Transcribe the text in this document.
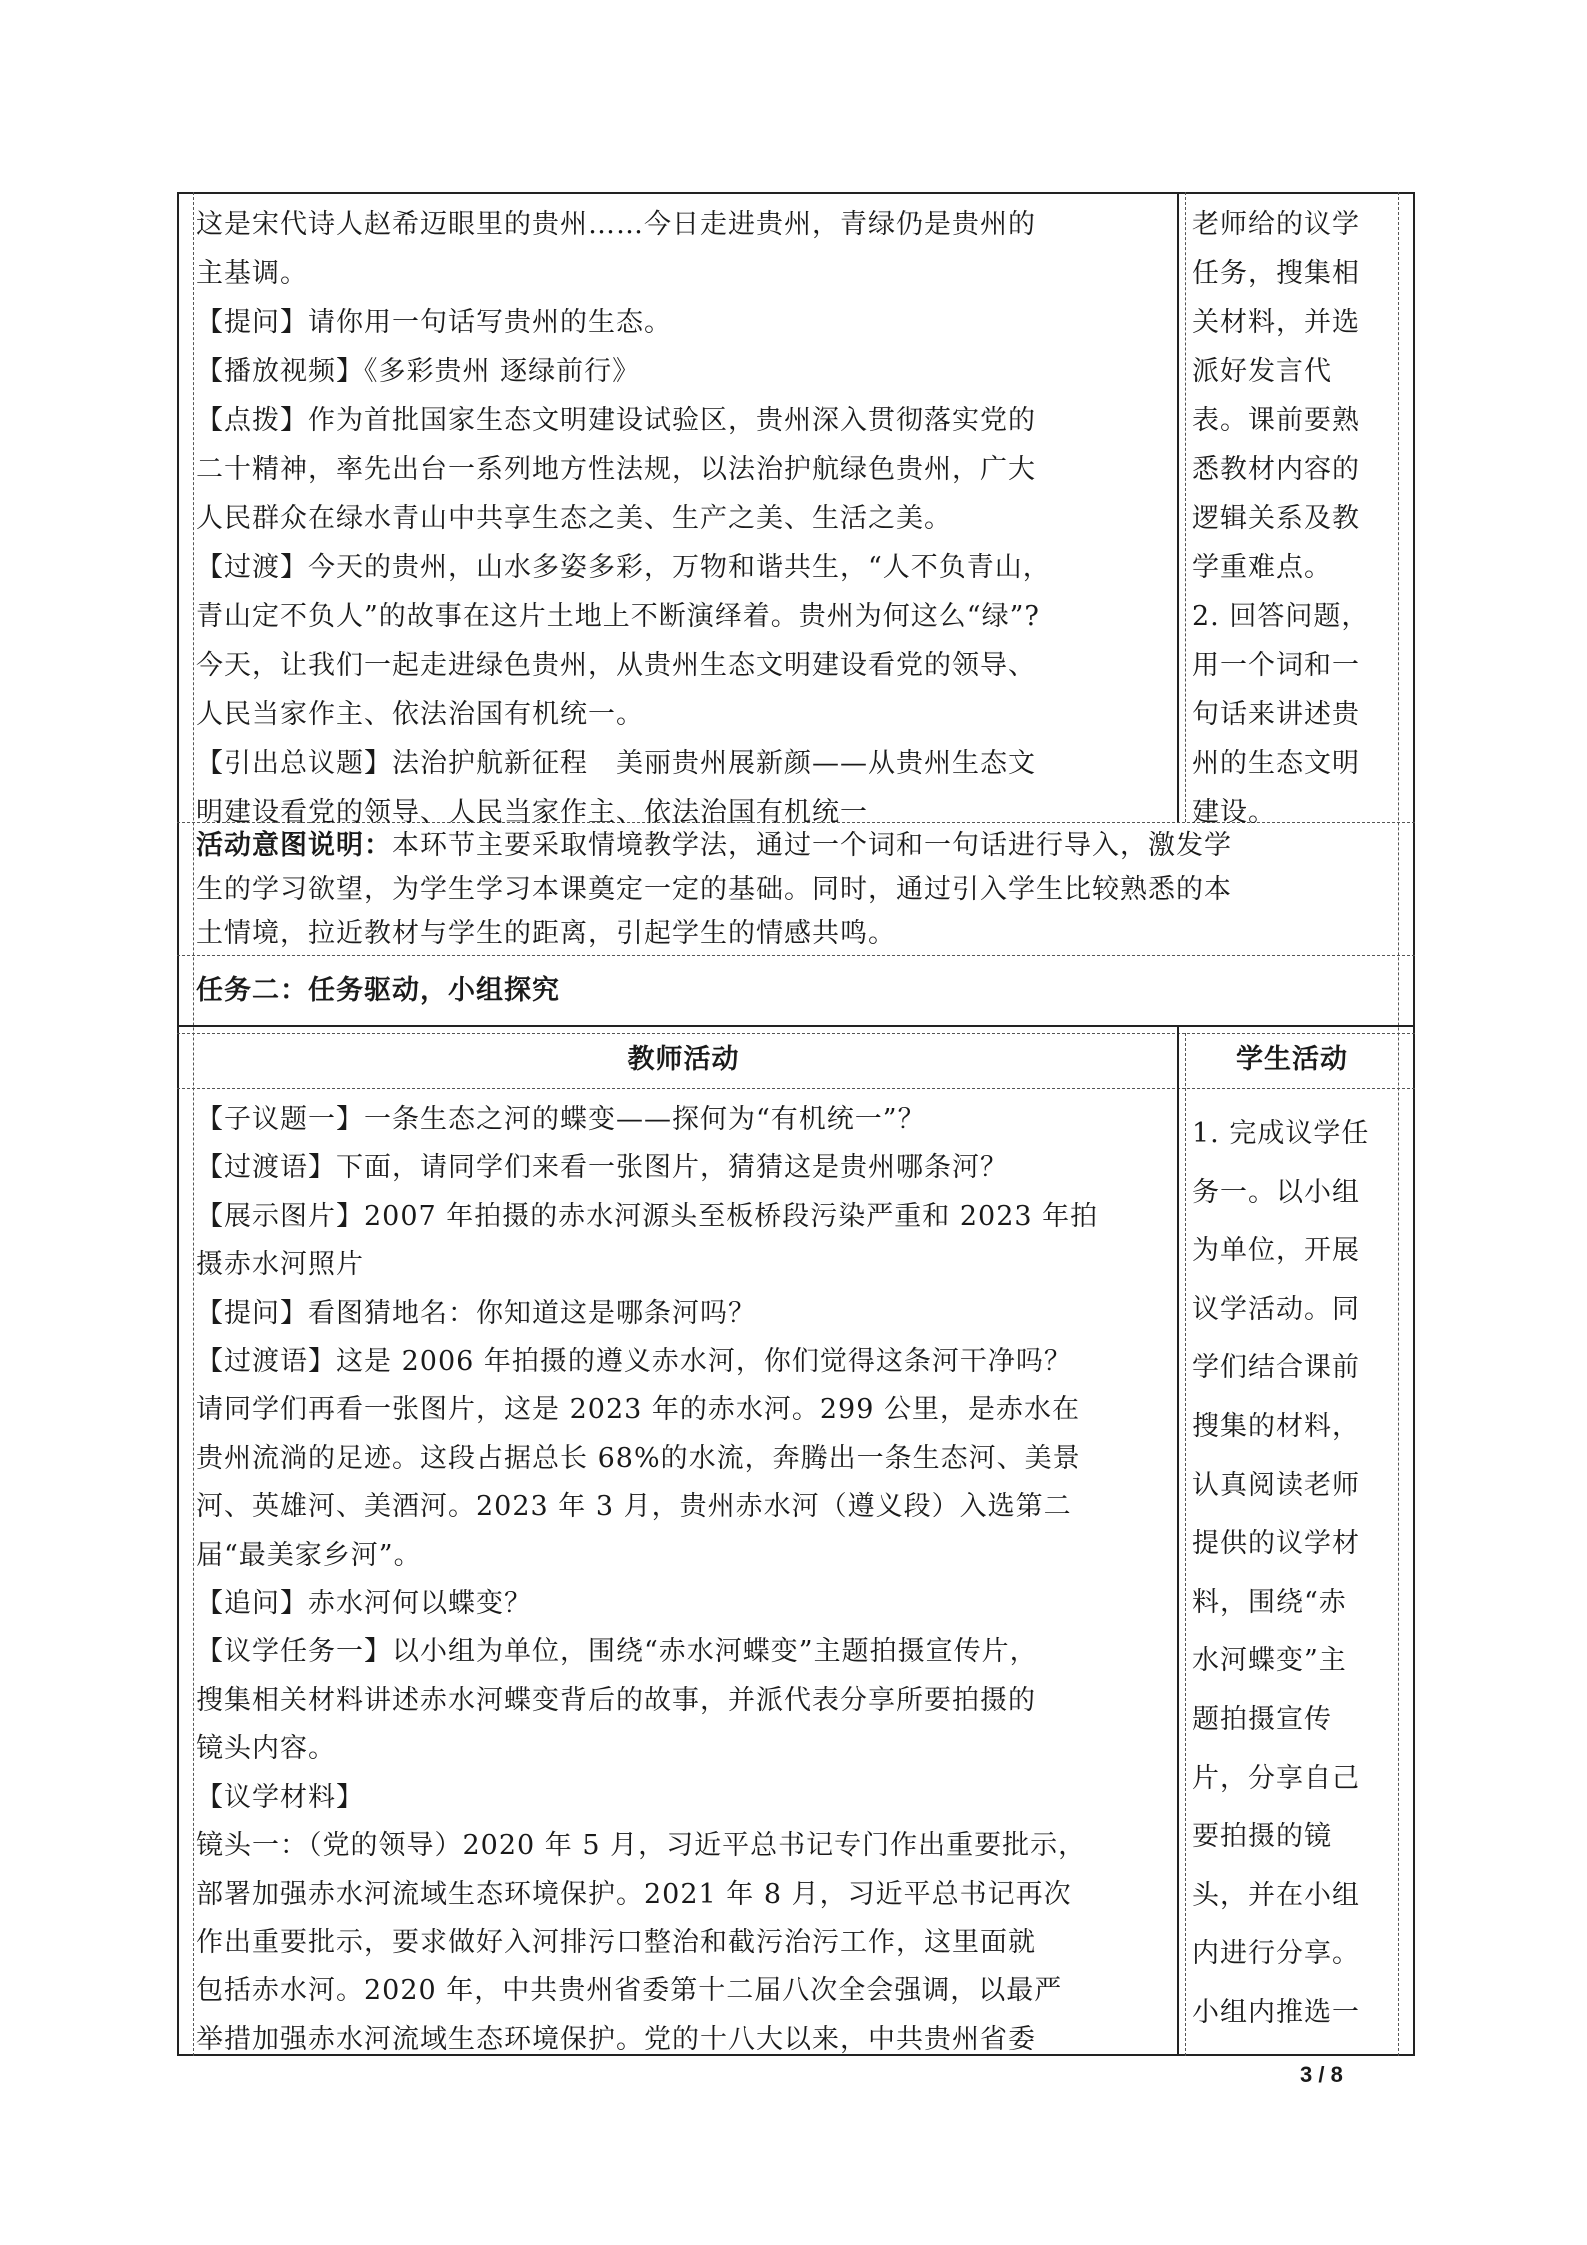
这是宋代诗人赵希迈眼里的贵州……今日走进贵州，青绿仍是贵州的

主基调。

【提问】请你用一句话写贵州的生态。

【播放视频】《多彩贵州 逐绿前行》

【点拨】作为首批国家生态文明建设试验区，贵州深入贯彻落实党的

二十精神，率先出台一系列地方性法规，以法治护航绿色贵州，广大

人民群众在绿水青山中共享生态之美、生产之美、生活之美。

【过渡】今天的贵州，山水多姿多彩，万物和谐共生，“人不负青山，

青山定不负人”的故事在这片土地上不断演绎着。贵州为何这么“绿”?

今天，让我们一起走进绿色贵州，从贵州生态文明建设看党的领导、

人民当家作主、依法治国有机统一。

【引出总议题】法治护航新征程　美丽贵州展新颜——从贵州生态文

明建设看党的领导、人民当家作主、依法治国有机统一

老师给的议学

任务，搜集相

关材料，并选

派好发言代

表。课前要熟

悉教材内容的

逻辑关系及教

学重难点。

2. 回答问题，

用一个词和一

句话来讲述贵

州的生态文明

建设。

活动意图说明：本环节主要采取情境教学法，通过一个词和一句话进行导入，激发学

生的学习欲望，为学生学习本课奠定一定的基础。同时，通过引入学生比较熟悉的本

土情境，拉近教材与学生的距离，引起学生的情感共鸣。

任务二：任务驱动，小组探究
教师活动	学生活动

【子议题一】一条生态之河的蝶变——探何为“有机统一”？

【过渡语】下面，请同学们来看一张图片，猜猜这是贵州哪条河？

【展示图片】2007 年拍摄的赤水河源头至板桥段污染严重和 2023 年拍

摄赤水河照片

【提问】看图猜地名：你知道这是哪条河吗？

【过渡语】这是 2006 年拍摄的遵义赤水河，你们觉得这条河干净吗？

请同学们再看一张图片，这是 2023 年的赤水河。299 公里，是赤水在

贵州流淌的足迹。这段占据总长 68%的水流，奔腾出一条生态河、美景

河、英雄河、美酒河。2023 年 3 月，贵州赤水河（遵义段）入选第二

届“最美家乡河”。

【追问】赤水河何以蝶变？

【议学任务一】以小组为单位，围绕“赤水河蝶变”主题拍摄宣传片，

搜集相关材料讲述赤水河蝶变背后的故事，并派代表分享所要拍摄的

镜头内容。

【议学材料】

镜头一：（党的领导）2020 年 5 月，习近平总书记专门作出重要批示，

部署加强赤水河流域生态环境保护。2021 年 8 月，习近平总书记再次

作出重要批示，要求做好入河排污口整治和截污治污工作，这里面就

包括赤水河。2020 年，中共贵州省委第十二届八次全会强调，以最严

举措加强赤水河流域生态环境保护。党的十八大以来，中共贵州省委

1. 完成议学任

务一。以小组

为单位，开展

议学活动。同

学们结合课前

搜集的材料，

认真阅读老师

提供的议学材

料，围绕“赤

水河蝶变”主

题拍摄宣传

片，分享自己

要拍摄的镜

头，并在小组

内进行分享。

小组内推选一

3 / 8
